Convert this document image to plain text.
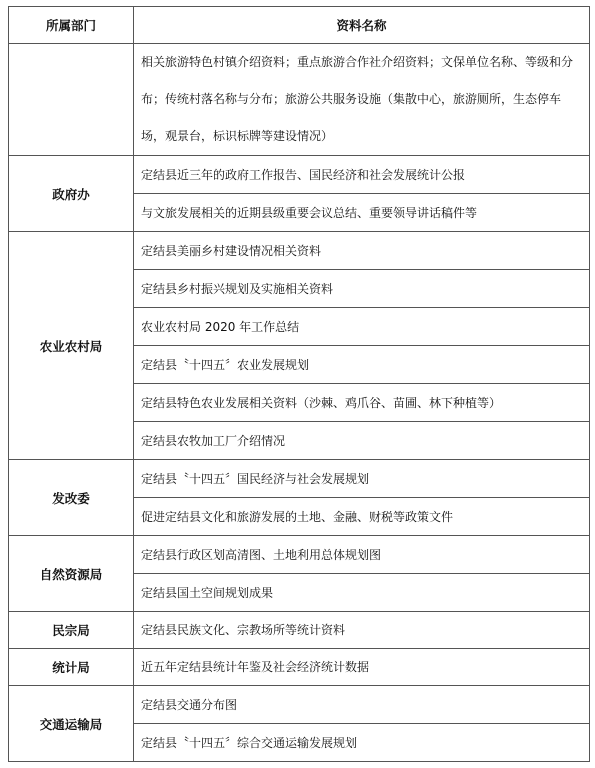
所属部门	资料名称
	相关旅游特色村镇介绍资料；重点旅游合作社介绍资料；文保单位名称、等级和分布；传统村落名称与分布；旅游公共服务设施（集散中心，旅游厕所，生态停车场，观景台，标识标牌等建设情况）
政府办	定结县近三年的政府工作报告、国民经济和社会发展统计公报
	与文旅发展相关的近期县级重要会议总结、重要领导讲话稿件等
农业农村局	定结县美丽乡村建设情况相关资料
	定结县乡村振兴规划及实施相关资料
	农业农村局 2020 年工作总结
	定结县〝十四五〞农业发展规划
	定结县特色农业发展相关资料（沙棘、鸡爪谷、苗圃、林下种植等）
	定结县农牧加工厂介绍情况
发改委	定结县〝十四五〞国民经济与社会发展规划
	促进定结县文化和旅游发展的土地、金融、财税等政策文件
自然资源局	定结县行政区划高清图、土地利用总体规划图
	定结县国土空间规划成果
民宗局	定结县民族文化、宗教场所等统计资料
统计局	近五年定结县统计年鉴及社会经济统计数据
交通运输局	定结县交通分布图
	定结县〝十四五〞综合交通运输发展规划
